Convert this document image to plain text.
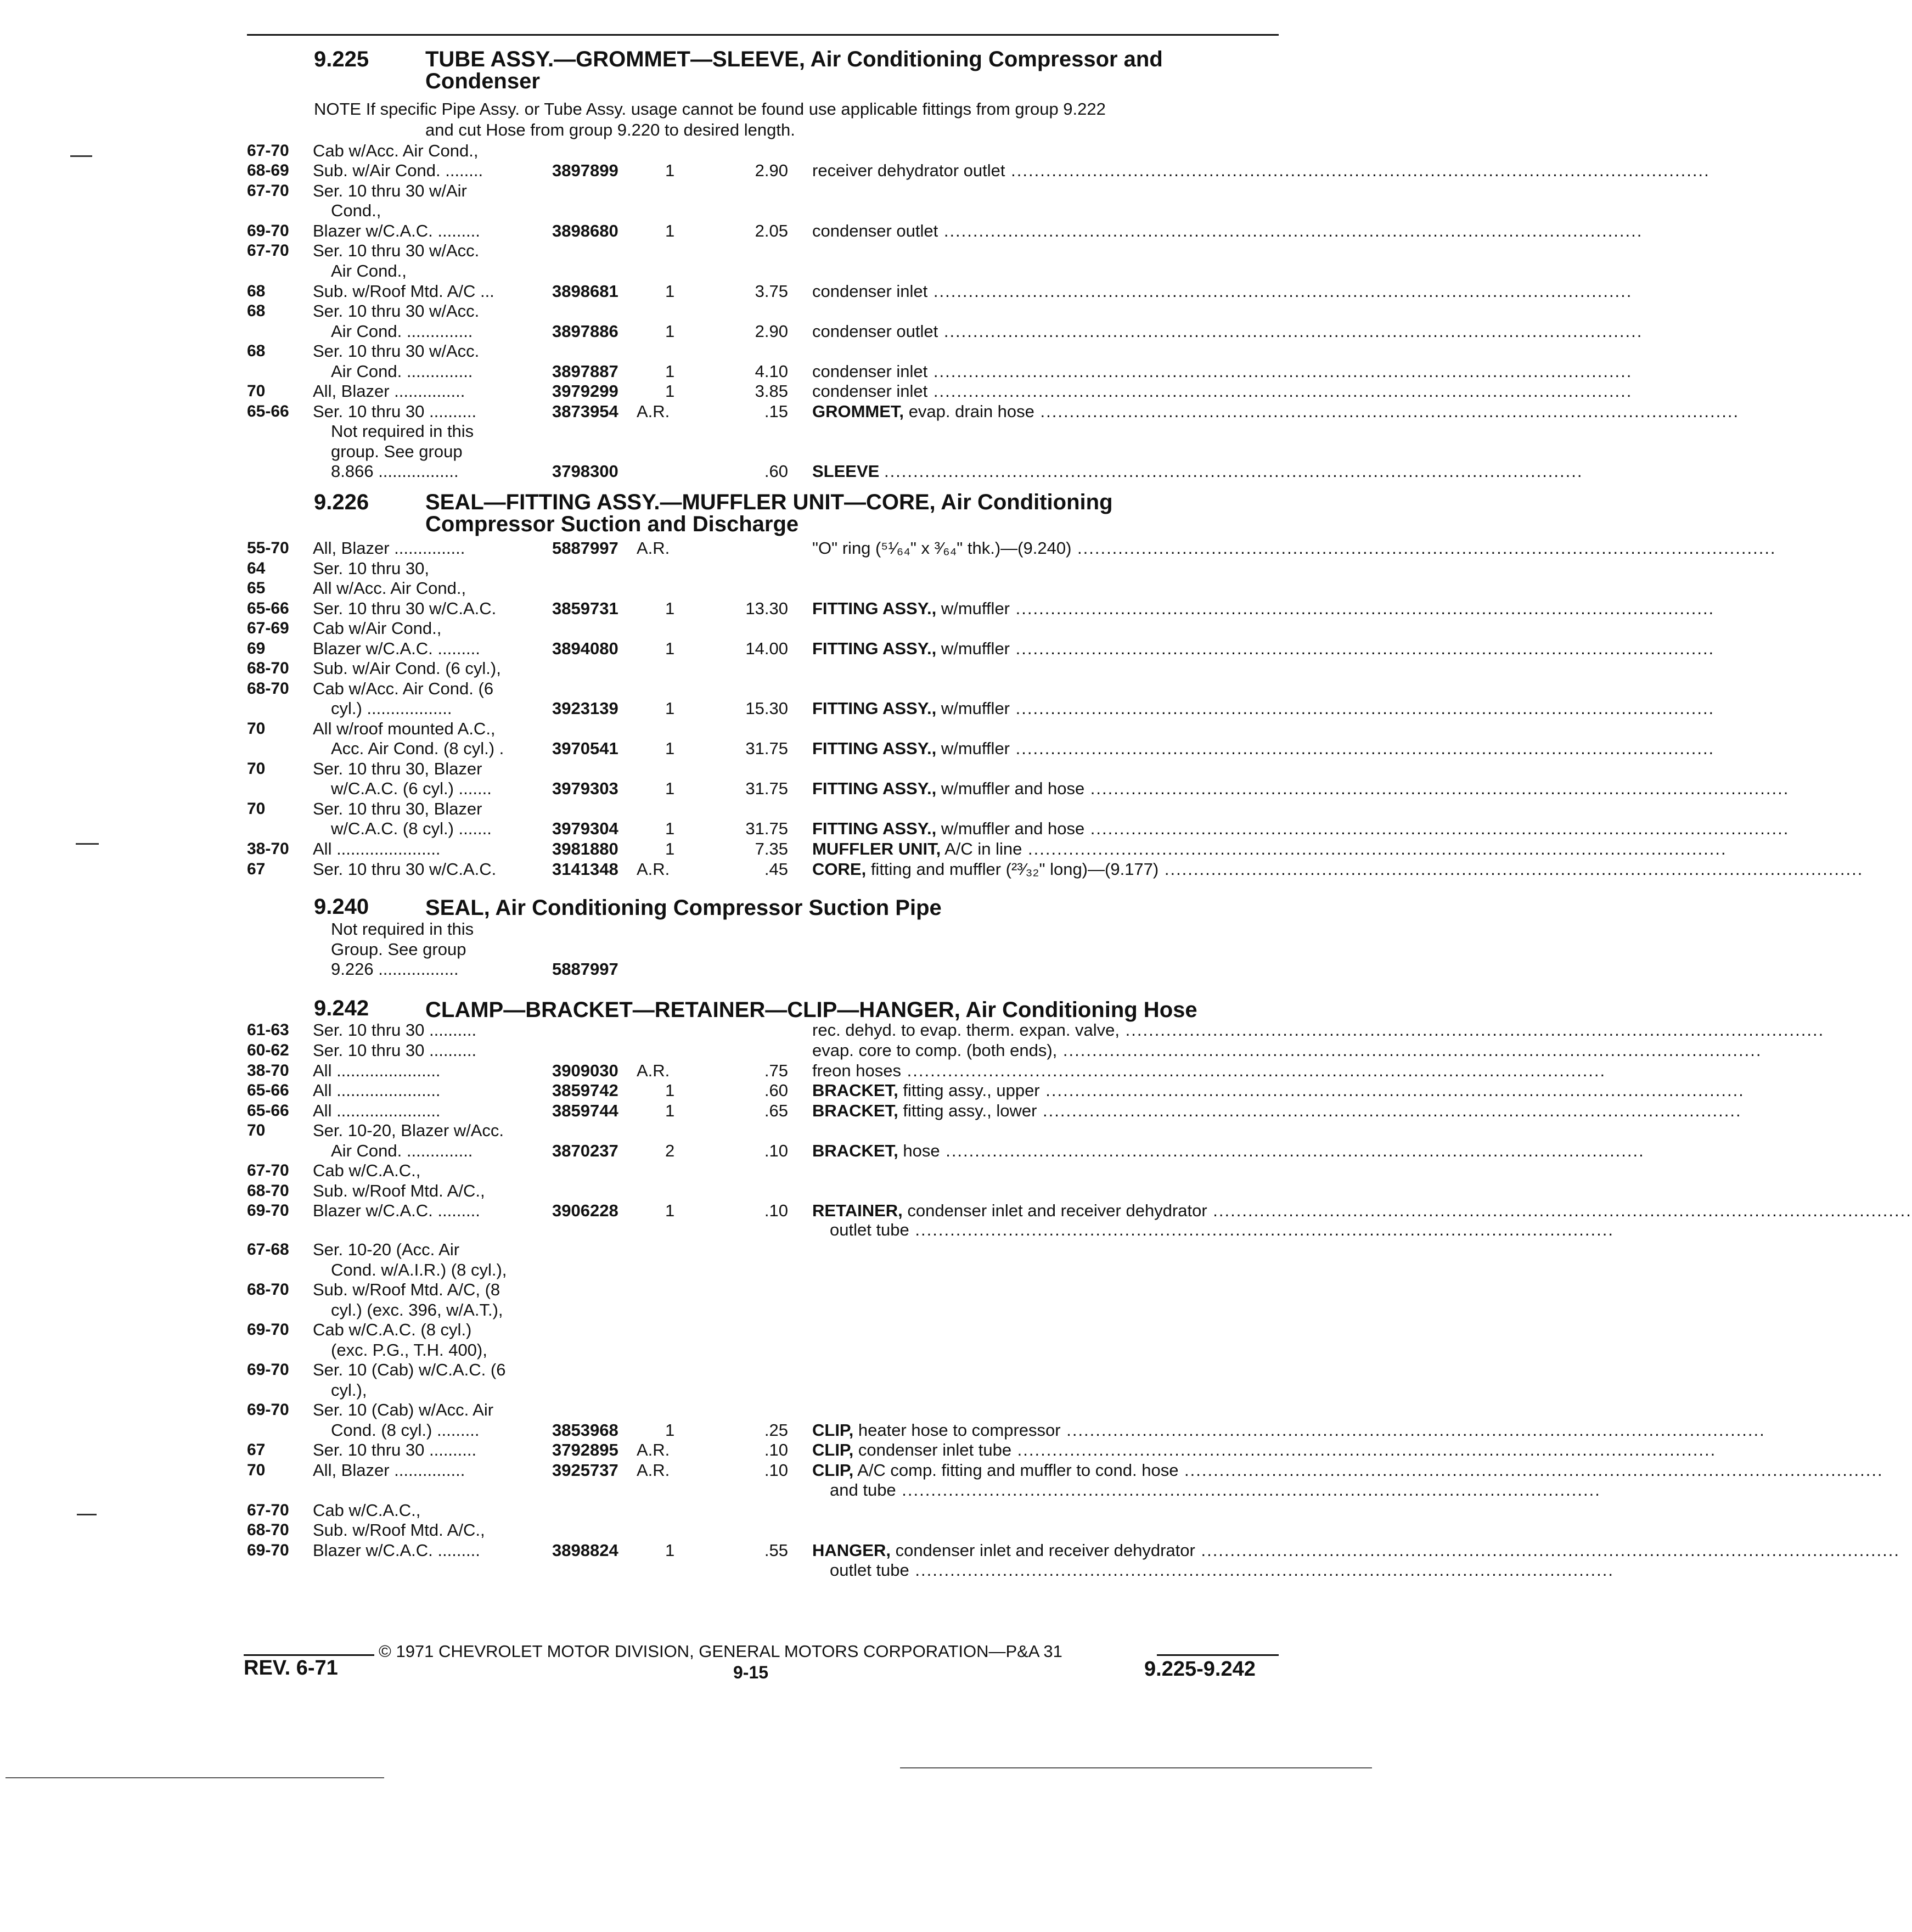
9.225	TUBE ASSY.—GROMMET—SLEEVE, Air Conditioning Compressor and
Condenser
NOTE If specific Pipe Assy. or Tube Assy. usage cannot be found use applicable fittings from group 9.222
and cut Hose from group 9.220 to desired length.
9.226	SEAL—FITTING ASSY.—MUFFLER UNIT—CORE, Air Conditioning
Compressor Suction and Discharge
9.240	SEAL, Air Conditioning Compressor Suction Pipe
9.242	CLAMP—BRACKET—RETAINER—CLIP—HANGER, Air Conditioning Hose
67-70 Cab w/Acc. Air Cond.,
68-69 Sub. w/Air Cond. ........	3897899	1	2.90 receiver dehydrator outlet ........................................................................................................................
67-70 Ser. 10 thru 30 w/Air
Cond.,
69-70 Blazer w/C.A.C. .........	3898680	1	2.05 condenser outlet ........................................................................................................................
67-70 Ser. 10 thru 30 w/Acc.
Air Cond.,
68	Sub. w/Roof Mtd. A/C ...	3898681	1	3.75 condenser inlet ........................................................................................................................
68	Ser. 10 thru 30 w/Acc.
Air Cond. ..............	3897886	1	2.90 condenser outlet ........................................................................................................................
68	Ser. 10 thru 30 w/Acc.
Air Cond. ..............	3897887	1	4.10 condenser inlet ........................................................................................................................
70	All, Blazer ...............	3979299	1	3.85 condenser inlet ........................................................................................................................
65-66 Ser. 10 thru 30 ..........	3873954 A.R.	.15 GROMMET, evap. drain hose ........................................................................................................................
Not required in this
group. See group
8.866 .................	3798300	.60 SLEEVE ........................................................................................................................
55-70 All, Blazer ...............	5887997 A.R.	"O" ring (⁵¹⁄₆₄" x ³⁄₆₄" thk.)—(9.240) ........................................................................................................................
64	Ser. 10 thru 30,
65	All w/Acc. Air Cond.,
65-66 Ser. 10 thru 30 w/C.A.C.	3859731	1	13.30 FITTING ASSY., w/muffler ........................................................................................................................
67-69 Cab w/Air Cond.,
69	Blazer w/C.A.C. .........	3894080	1	14.00 FITTING ASSY., w/muffler ........................................................................................................................
68-70 Sub. w/Air Cond. (6 cyl.),
68-70 Cab w/Acc. Air Cond. (6
cyl.) ..................	3923139	1	15.30 FITTING ASSY., w/muffler ........................................................................................................................
70	All w/roof mounted A.C.,
Acc. Air Cond. (8 cyl.) .	3970541	1	31.75 FITTING ASSY., w/muffler ........................................................................................................................
70	Ser. 10 thru 30, Blazer
w/C.A.C. (6 cyl.) .......	3979303	1	31.75 FITTING ASSY., w/muffler and hose ........................................................................................................................
70	Ser. 10 thru 30, Blazer
w/C.A.C. (8 cyl.) .......	3979304	1	31.75 FITTING ASSY., w/muffler and hose ........................................................................................................................
38-70 All ......................	3981880	1	7.35 MUFFLER UNIT, A/C in line ........................................................................................................................
67	Ser. 10 thru 30 w/C.A.C.	3141348 A.R.	.45 CORE, fitting and muffler (²³⁄₃₂" long)—(9.177) ........................................................................................................................
Not required in this
Group. See group
9.226 .................	5887997
61-63 Ser. 10 thru 30 ..........	rec. dehyd. to evap. therm. expan. valve, ........................................................................................................................
60-62 Ser. 10 thru 30 ..........	evap. core to comp. (both ends), ........................................................................................................................
38-70 All ......................	3909030 A.R.	.75 freon hoses ........................................................................................................................
65-66 All ......................	3859742	1	.60 BRACKET, fitting assy., upper ........................................................................................................................
65-66 All ......................	3859744	1	.65 BRACKET, fitting assy., lower ........................................................................................................................
70	Ser. 10-20, Blazer w/Acc.
Air Cond. ..............	3870237	2	.10 BRACKET, hose ........................................................................................................................
67-70 Cab w/C.A.C.,
68-70 Sub. w/Roof Mtd. A/C.,
69-70 Blazer w/C.A.C. .........	3906228	1	.10 RETAINER, condenser inlet and receiver dehydrator ........................................................................................................................
outlet tube ........................................................................................................................
67-68 Ser. 10-20 (Acc. Air
Cond. w/A.I.R.) (8 cyl.),
68-70 Sub. w/Roof Mtd. A/C, (8
cyl.) (exc. 396, w/A.T.),
69-70 Cab w/C.A.C. (8 cyl.)
(exc. P.G., T.H. 400),
69-70 Ser. 10 (Cab) w/C.A.C. (6
cyl.),
69-70 Ser. 10 (Cab) w/Acc. Air
Cond. (8 cyl.) .........	3853968	1	.25 CLIP, heater hose to compressor ........................................................................................................................
67	Ser. 10 thru 30 ..........	3792895 A.R.	.10 CLIP, condenser inlet tube ........................................................................................................................
70	All, Blazer ...............	3925737 A.R.	.10 CLIP, A/C comp. fitting and muffler to cond. hose ........................................................................................................................
and tube ........................................................................................................................
67-70 Cab w/C.A.C.,
68-70 Sub. w/Roof Mtd. A/C.,
69-70 Blazer w/C.A.C. .........	3898824	1	.55 HANGER, condenser inlet and receiver dehydrator ........................................................................................................................
outlet tube ........................................................................................................................
© 1971 CHEVROLET MOTOR DIVISION, GENERAL MOTORS CORPORATION—P&A 31
REV. 6-71	9-15	9.225-9.242
